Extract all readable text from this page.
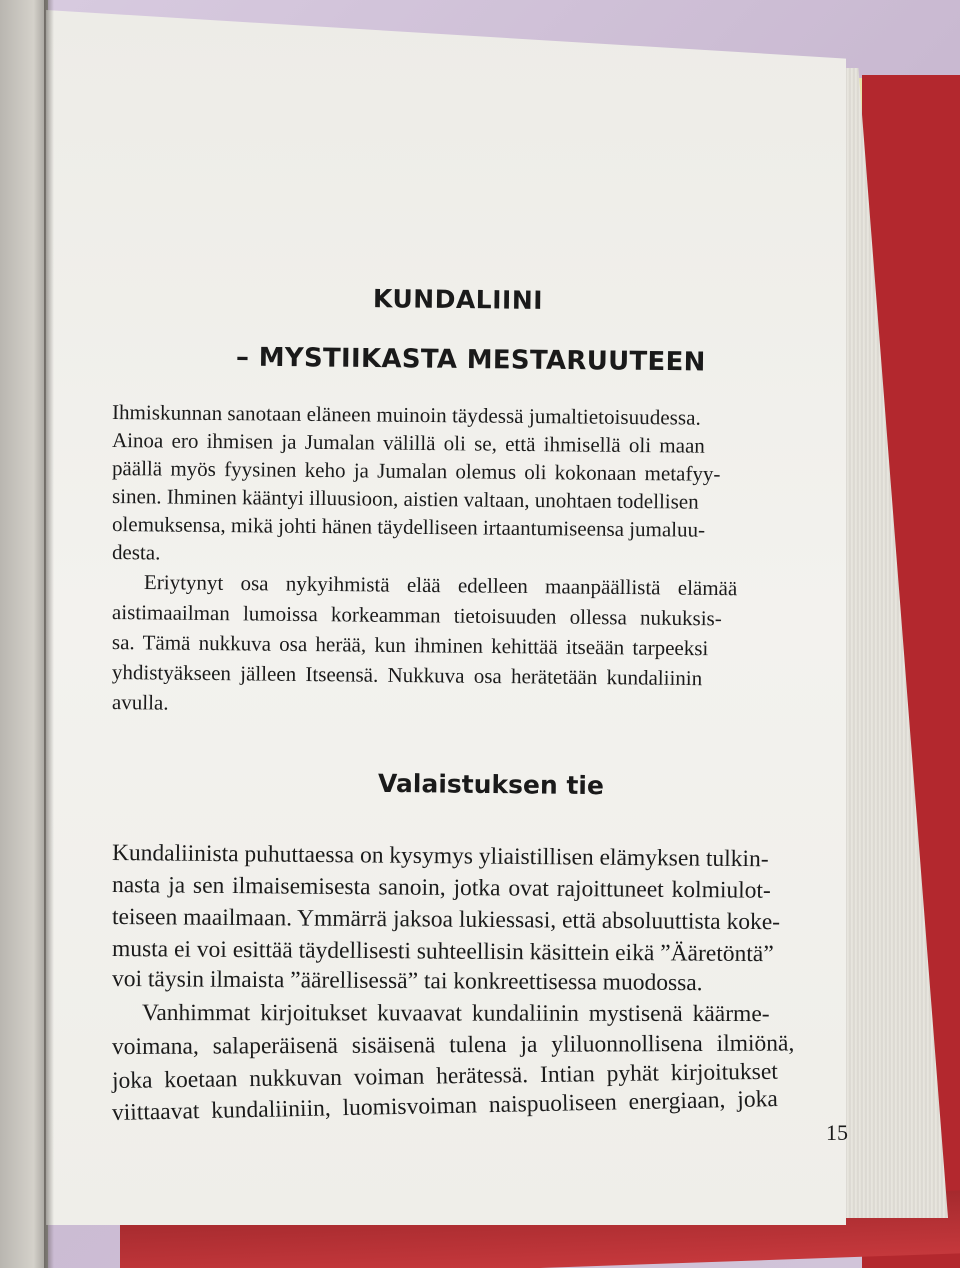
KUNDALIINI
– MYSTIIKASTA MESTARUUTEEN
Ihmiskunnan sanotaan eläneen muinoin täydessä jumaltietoisuudessa.
Ainoa ero ihmisen ja Jumalan välillä oli se, että ihmisellä oli maan
päällä myös fyysinen keho ja Jumalan olemus oli kokonaan metafyy-
sinen. Ihminen kääntyi illuusioon, aistien valtaan, unohtaen todellisen
olemuksensa, mikä johti hänen täydelliseen irtaantumiseensa jumaluu-
desta.
Eriytynyt osa nykyihmistä elää edelleen maanpäällistä elämää
aistimaailman lumoissa korkeamman tietoisuuden ollessa nukuksis-
sa. Tämä nukkuva osa herää, kun ihminen kehittää itseään tarpeeksi
yhdistyäkseen jälleen Itseensä. Nukkuva osa herätetään kundaliinin
avulla.
Valaistuksen tie
Kundaliinista puhuttaessa on kysymys yliaistillisen elämyksen tulkin-
nasta ja sen ilmaisemisesta sanoin, jotka ovat rajoittuneet kolmiulot-
teiseen maailmaan. Ymmärrä jaksoa lukiessasi, että absoluuttista koke-
musta ei voi esittää täydellisesti suhteellisin käsittein eikä ”Ääretöntä”
voi täysin ilmaista ”äärellisessä” tai konkreettisessa muodossa.
Vanhimmat kirjoitukset kuvaavat kundaliinin mystisenä käärme-
voimana, salaperäisenä sisäisenä tulena ja yliluonnollisena ilmiönä,
joka koetaan nukkuvan voiman herätessä. Intian pyhät kirjoitukset
viittaavat kundaliiniin, luomisvoiman naispuoliseen energiaan, joka
15
